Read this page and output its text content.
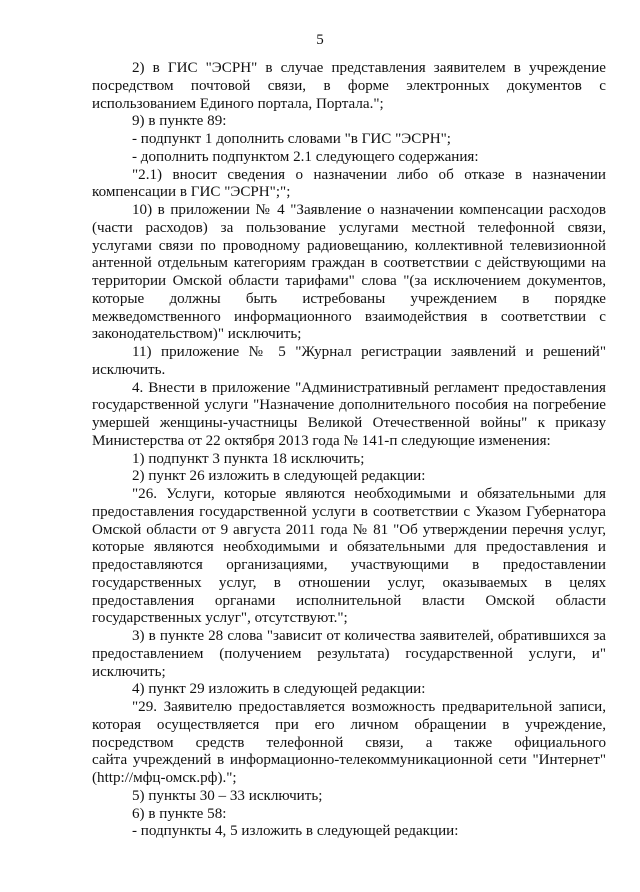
5
2) в ГИС "ЭСРН" в случае представления заявителем в учреждение
посредством почтовой связи, в форме электронных документов с
использованием Единого портала, Портала.";
9) в пункте 89:
- подпункт 1 дополнить словами "в ГИС "ЭСРН";
- дополнить подпунктом 2.1 следующего содержания:
"2.1) вносит сведения о назначении либо об отказе в назначении
компенсации в ГИС "ЭСРН";";
10) в приложении № 4 "Заявление о назначении компенсации расходов
(части расходов) за пользование услугами местной телефонной связи,
услугами связи по проводному радиовещанию, коллективной телевизионной
антенной отдельным категориям граждан в соответствии с действующими на
территории Омской области тарифами" слова "(за исключением документов,
которые должны быть истребованы учреждением в порядке
межведомственного информационного взаимодействия в соответствии с
законодательством)" исключить;
11) приложение № 5 "Журнал регистрации заявлений и решений"
исключить.
4. Внести в приложение "Административный регламент предоставления
государственной услуги "Назначение дополнительного пособия на погребение
умершей женщины-участницы Великой Отечественной войны" к приказу
Министерства от 22 октября 2013 года № 141-п следующие изменения:
1) подпункт 3 пункта 18 исключить;
2) пункт 26 изложить в следующей редакции:
"26. Услуги, которые являются необходимыми и обязательными для
предоставления государственной услуги в соответствии с Указом Губернатора
Омской области от 9 августа 2011 года № 81 "Об утверждении перечня услуг,
которые являются необходимыми и обязательными для предоставления и
предоставляются организациями, участвующими в предоставлении
государственных услуг, в отношении услуг, оказываемых в целях
предоставления органами исполнительной власти Омской области
государственных услуг", отсутствуют.";
3) в пункте 28 слова "зависит от количества заявителей, обратившихся за
предоставлением (получением результата) государственной услуги, и"
исключить;
4) пункт 29 изложить в следующей редакции:
"29. Заявителю предоставляется возможность предварительной записи,
которая осуществляется при его личном обращении в учреждение,
посредством средств телефонной связи, а также официального
сайта учреждений в информационно-телекоммуникационной сети "Интернет"
(http://мфц-омск.рф).";
5) пункты 30 – 33 исключить;
6) в пункте 58:
- подпункты 4, 5 изложить в следующей редакции:
